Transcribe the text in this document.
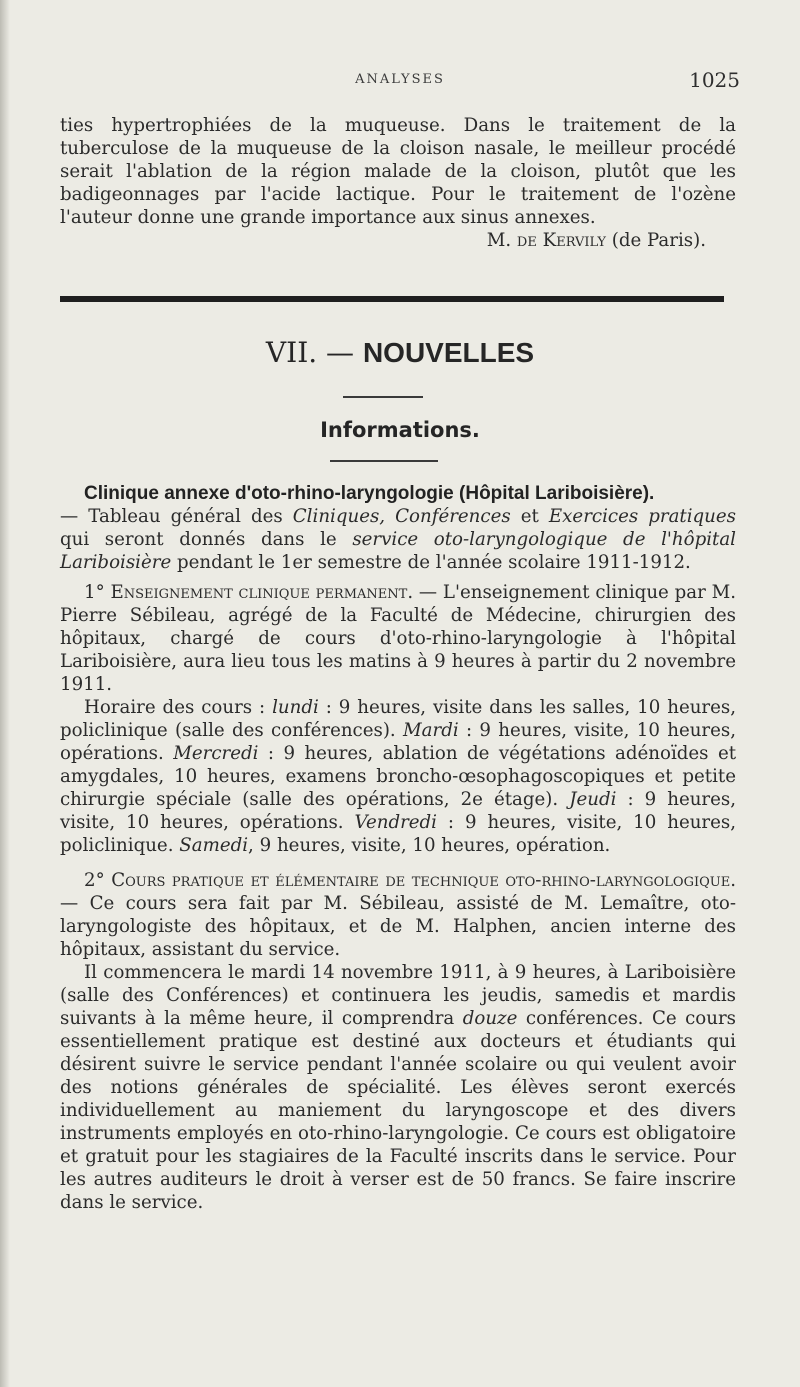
ANALYSES	1025

ties hypertrophiées de la muqueuse. Dans le traitement de la tuberculose de la muqueuse de la cloison nasale, le meilleur procédé serait l'ablation de la région malade de la cloison, plutôt que les badigeonnages par l'acide lactique. Pour le traitement de l'ozène l'auteur donne une grande importance aux sinus annexes.

M. de Kervily (de Paris).

VII. — NOUVELLES
Informations.

Clinique annexe d'oto-rhino-laryngologie (Hôpital Lariboisière).

— Tableau général des Cliniques, Conférences et Exercices pratiques qui seront donnés dans le service oto-laryngologique de l'hôpital Lariboisière pendant le 1er semestre de l'année scolaire 1911-1912.

1° Enseignement clinique permanent. — L'enseignement clinique par M. Pierre Sébileau, agrégé de la Faculté de Médecine, chirurgien des hôpitaux, chargé de cours d'oto-rhino-laryngologie à l'hôpital Lariboisière, aura lieu tous les matins à 9 heures à partir du 2 novembre 1911.

Horaire des cours : lundi : 9 heures, visite dans les salles, 10 heures, policlinique (salle des conférences). Mardi : 9 heures, visite, 10 heures, opérations. Mercredi : 9 heures, ablation de végétations adénoïdes et amygdales, 10 heures, examens broncho-œsophagoscopiques et petite chirurgie spéciale (salle des opérations, 2e étage). Jeudi : 9 heures, visite, 10 heures, opérations. Vendredi : 9 heures, visite, 10 heures, policlinique. Samedi, 9 heures, visite, 10 heures, opération.

2° Cours pratique et élémentaire de technique oto-rhino-laryngologique. — Ce cours sera fait par M. Sébileau, assisté de M. Lemaître, oto-laryngologiste des hôpitaux, et de M. Halphen, ancien interne des hôpitaux, assistant du service.

Il commencera le mardi 14 novembre 1911, à 9 heures, à Lariboisière (salle des Conférences) et continuera les jeudis, samedis et mardis suivants à la même heure, il comprendra douze conférences. Ce cours essentiellement pratique est destiné aux docteurs et étudiants qui désirent suivre le service pendant l'année scolaire ou qui veulent avoir des notions générales de spécialité. Les élèves seront exercés individuellement au maniement du laryngoscope et des divers instruments employés en oto-rhino-laryngologie. Ce cours est obligatoire et gratuit pour les stagiaires de la Faculté inscrits dans le service. Pour les autres auditeurs le droit à verser est de 50 francs. Se faire inscrire dans le service.
